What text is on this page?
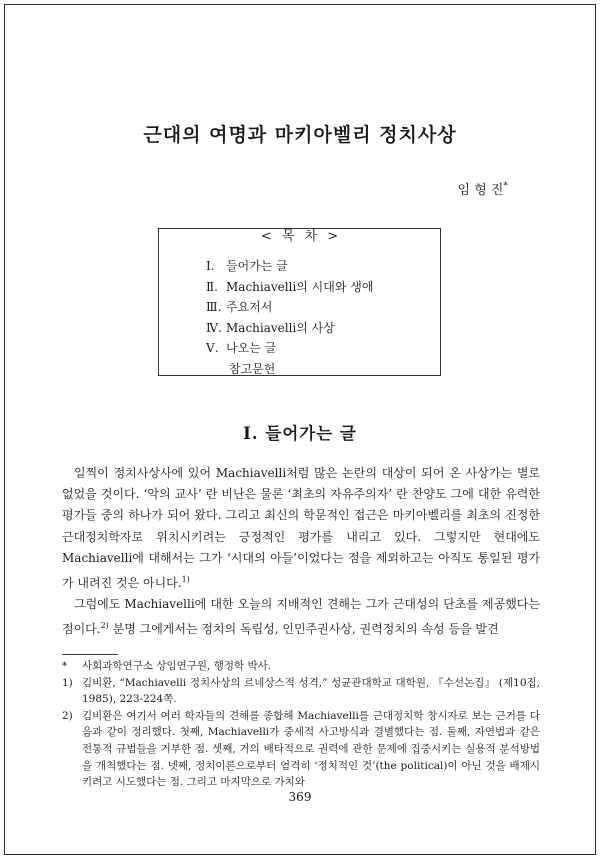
근대의 여명과 마키아벨리 정치사상
임 형 진*
< 목 차 >
Ⅰ. 들어가는 글
Ⅱ. Machiavelli의 시대와 생애
Ⅲ. 주요저서
Ⅳ. Machiavelli의 사상
Ⅴ. 나오는 글
참고문헌
Ⅰ. 들어가는 글

일찍이 정치사상사에 있어 Machiavelli처럼 많은 논란의 대상이 되어 온 사상가는 별로 없었을 것이다. ‘악의 교사’ 란 비난은 물론 ‘최초의 자유주의자’ 란 찬양도 그에 대한 유력한 평가들 중의 하나가 되어 왔다. 그리고 최신의 학문적인 접근은 마키아벨리를 최초의 진정한 근대정치학자로 위치시키려는 긍정적인 평가를 내리고 있다. 그렇지만 현대에도 Machiavelli에 대해서는 그가 ‘시대의 아들’이었다는 점을 제외하고는 아직도 통일된 평가가 내려진 것은 아니다.$^{1)}$

그럼에도 Machiavelli에 대한 오늘의 지배적인 견해는 그가 근대성의 단초를 제공했다는 점이다.$^{2)}$ 분명 그에게서는 정치의 독립성, 인민주권사상, 권력정치의 속성 등을 발견

*	사회과학연구소 상임연구원, 행정학 박사.
1) 김비환, “Machiavelli 정치사상의 르네상스적 성격,” 성균관대학교 대학원, 『수선논집』 (제10집, 1985), 223-224쪽.
2) 김비환은 여기서 여러 학자들의 견해를 종합해 Machiavelli를 근대정치학 창시자로 보는 근거를 다음과 같이 정리했다. 첫째, Machiavelli가 중세적 사고방식과 결별했다는 점. 둘째, 자연법과 같은 전통적 규범들을 거부한 점. 셋째, 거의 배타적으로 권력에 관한 문제에 집중시키는 실용적 분석방법을 개척했다는 점. 넷째, 정치이론으로부터 엄격히 ‘정치적인 것’(the political)이 아닌 것을 배제시키려고 시도했다는 점. 그리고 마지막으로 가치와
369
